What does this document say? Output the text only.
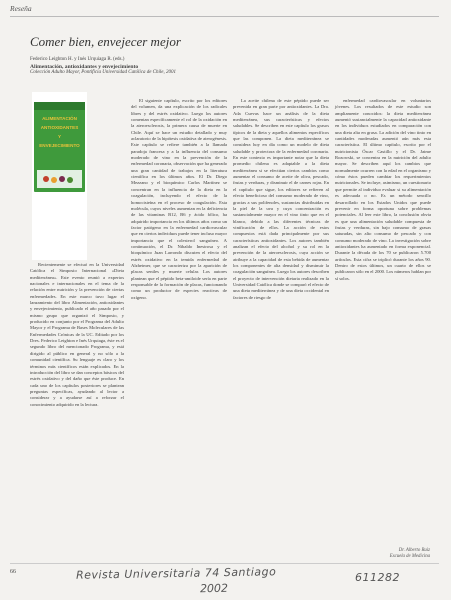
Reseña
Comer bien, envejecer mejor
Federico Leighton H. y Inés Urquiaga R. (eds.)
Alimentación, antioxidantes y envejecimiento
Colección Adulto Mayor, Pontificia Universidad Católica de Chile, 2001
ALIMENTACIÓN ANTIOXIDANTES Y ENVEJECIMIENTO

Recientemente se efectuó en la Universidad Católica el Simposio Internacional «Dieta mediterránea». Este evento reunió a expertos nacionales e internacionales en el tema de la relación entre nutrición y la prevención de ciertas enfermedades. En este marco tuvo lugar el lanzamiento del libro Alimentación, antioxidantes y envejecimiento, publicado el año pasado por el mismo grupo que organizó el Simposio, y producido en conjunto por el Programa del Adulto Mayor y el Programa de Bases Moleculares de las Enfermedades Crónicas de la UC. Editado por los Dres. Federico Leighton e Inés Urquiaga, éste es el segundo libro del mencionado Programa, y está dirigido al público en general y no sólo a la comunidad científica. Su lenguaje es claro y los términos más científicos están explicados. En la introducción del libro se dan conceptos básicos del estrés oxidativo y del daño que éste produce. En cada uno de los capítulos posteriores se plantean preguntas específicas, ayudando al lector a considerar y a ayudarse así a reforzar el conocimiento adquirido en la lectura.

El siguiente capítulo, escrito por los editores del volumen, da una explicación de los radicales libres y del estrés oxidativo. Luego los autores comentan específicamente el rol de la oxidación en la ateroesclerosis, la primera causa de muerte en Chile. Aquí se hace un estudio detallado y muy aclaratorio de la hipótesis oxidativa de aterogénesis. Este capítulo se refiere también a la llamada paradoja francesa y a la influencia del consumo moderado de vino en la prevención de la enfermedad coronaria, observación que ha generado una gran cantidad de trabajos en la literatura científica en los últimos años. El Dr. Diego Mezzano y el bioquímico Carlos Martínez se concentran en la influencia de la dieta en la coagulación, incluyendo el efecto de la homocisteína en el proceso de coagulación. Esta molécula, cuyos niveles aumentan en la deficiencia de las vitaminas B12, B6 y ácido fólico, ha adquirido importancia en los últimos años como un factor patógeno en la enfermedad cardiovascular que en ciertos individuos puede tener incluso mayor importancia que el colesterol sanguíneo. A continuación, el Dr. Nibaldo Inestrosa y el bioquímico Juan Larrondo discuten el efecto del estrés oxidativo en la temida enfermedad de Alzheimer, que se caracteriza por la aparición de placas seniles y muerte celular. Los autores plantean que el péptido beta-amiloide sería en parte responsable de la formación de placas, funcionando como un productor de especies reactivas de oxígeno.

La aceite chilena de este péptido puede ser prevenida en gran parte por antioxidantes. La Dra. Ada Cuevas hace un análisis de la dieta mediterránea, sus características y efectos saludables. Se describen en este capítulo los grasos típicos de la dieta y aquellos alimentos específicos que las componen. La dieta mediterránea se considera hoy en día como un modelo de dieta saludable y protectora de la enfermedad coronaria. En este contexto es importante notar que la dieta promedio chilena es adaptable a la dieta mediterránea si se efectúan ciertos cambios como aumentar el consumo de aceite de oliva, pescado, frutas y verduras, y disminuir el de carnes rojas. En el capítulo que sigue, los editores se refieren al efecto beneficioso del consumo moderado de vino, gracias a sus polifenoles, sustancias distribuidas en la piel de la uva y cuya concentración es sustancialmente mayor en el vino tinto que en el blanco, debido a las diferentes técnicas de vinificación de ellos. La acción de estos compuestos está dada principalmente por sus características antioxidantes. Los autores también analizan el efecto del alcohol y su rol en la prevención de la ateroesclerosis, cuya acción se atribuye a la capacidad de esta bebida de aumentar los componentes de alta densidad y disminuir la coagulación sanguínea. Luego los autores describen el proyecto de intervención dietaria realizado en la Universidad Católica donde se comparó el efecto de una dieta mediterránea y de una dieta occidental en factores de riesgo de

enfermedad cardiovascular en voluntarios jóvenes. Los resultados de este estudio son ampliamente conocidos: la dieta mediterránea aumentó sustancialmente la capacidad antioxidante en los individuos estudiados en comparación con una dieta alta en grasa. La adición del vino tinto en cantidades moderadas aumentó aún más esta característica. El último capítulo, escrito por el nutricionista Óscar Castillo y el Dr. Jaime Rozowski, se concentra en la nutrición del adulto mayor. Se describen aquí los cambios que normalmente ocurren con la edad en el organismo y cómo éstos pueden cambiar los requerimientos nutricionales. Se incluye, asimismo, un cuestionario que permite al individuo evaluar si su alimentación es adecuada o no. Es un método sencillo desarrollado en los Estados Unidos que puede prevenir en forma oportuna sobre problemas potenciales. Al leer este libro, la conclusión obvia es que una alimentación saludable compuesta de frutas y verduras, sin bajo consumo de grasas saturadas, sin alto consumo de pescado y con consumo moderado de vino. La investigación sobre antioxidantes ha aumentado en forma exponencial. Durante la década de los 70 se publicaron 5.700 artículos. Esta cifra se triplicó durante los años 90. Dentro de estos últimos, un cuarto de ellos se publicaron sólo en el 2000. Los números hablan por sí solos.

Dr. Alberto Ruiz
Escuela de Medicina
66	Revista Universitaria 74 Santiago
2002
611282
